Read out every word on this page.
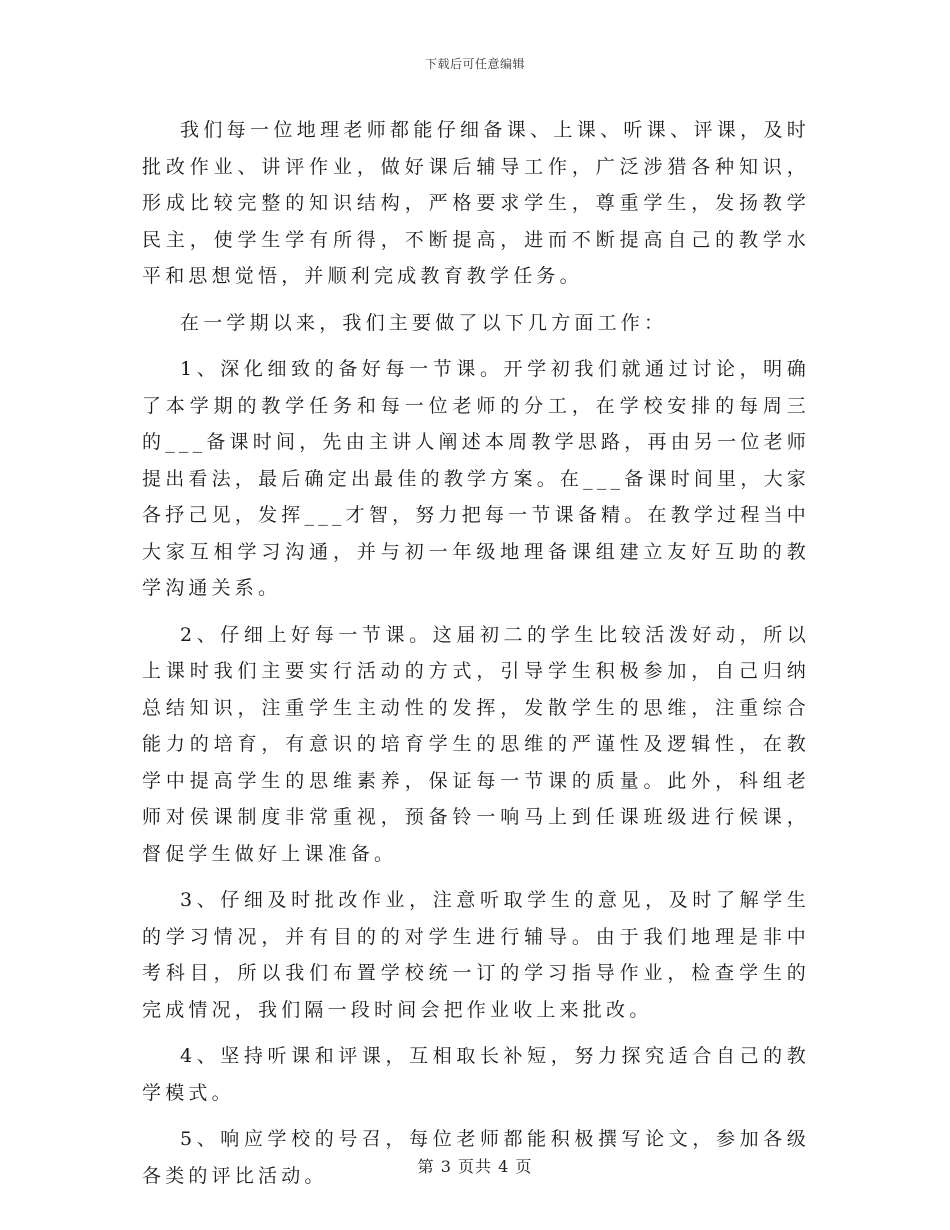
下载后可任意编辑

我们每一位地理老师都能仔细备课、上课、听课、评课，及时批改作业、讲评作业，做好课后辅导工作，广泛涉猎各种知识，形成比较完整的知识结构，严格要求学生，尊重学生，发扬教学民主，使学生学有所得，不断提高，进而不断提高自己的教学水平和思想觉悟，并顺利完成教育教学任务。

在一学期以来，我们主要做了以下几方面工作：

1、深化细致的备好每一节课。开学初我们就通过讨论，明确了本学期的教学任务和每一位老师的分工，在学校安排的每周三的___备课时间，先由主讲人阐述本周教学思路，再由另一位老师提出看法，最后确定出最佳的教学方案。在___备课时间里，大家各抒己见，发挥___才智，努力把每一节课备精。在教学过程当中大家互相学习沟通，并与初一年级地理备课组建立友好互助的教学沟通关系。

2、仔细上好每一节课。这届初二的学生比较活泼好动，所以上课时我们主要实行活动的方式，引导学生积极参加，自己归纳总结知识，注重学生主动性的发挥，发散学生的思维，注重综合能力的培育，有意识的培育学生的思维的严谨性及逻辑性，在教学中提高学生的思维素养，保证每一节课的质量。此外，科组老师对侯课制度非常重视，预备铃一响马上到任课班级进行候课，督促学生做好上课准备。

3、仔细及时批改作业，注意听取学生的意见，及时了解学生的学习情况，并有目的的对学生进行辅导。由于我们地理是非中考科目，所以我们布置学校统一订的学习指导作业，检查学生的完成情况，我们隔一段时间会把作业收上来批改。

4、坚持听课和评课，互相取长补短，努力探究适合自己的教学模式。

5、响应学校的号召，每位老师都能积极撰写论文，参加各级各类的评比活动。	第 3 页共 4 页
